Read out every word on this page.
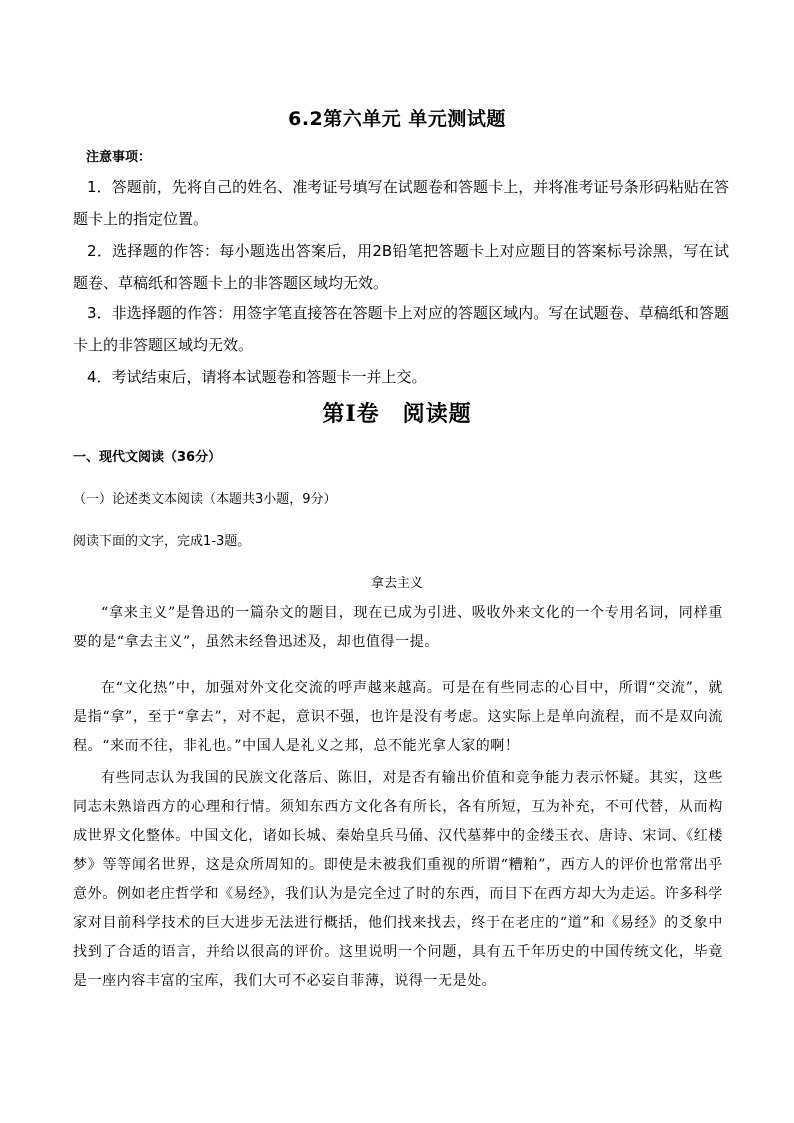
6.2第六单元 单元测试题
注意事项：
1．答题前，先将自己的姓名、准考证号填写在试题卷和答题卡上，并将准考证号条形码粘贴在答题卡上的指定位置。
2．选择题的作答：每小题选出答案后，用2B铅笔把答题卡上对应题目的答案标号涂黑，写在试题卷、草稿纸和答题卡上的非答题区域均无效。
3．非选择题的作答：用签字笔直接答在答题卡上对应的答题区域内。写在试题卷、草稿纸和答题卡上的非答题区域均无效。
4．考试结束后，请将本试题卷和答题卡一并上交。
第Ⅰ卷　阅读题
一、现代文阅读（36分）
（一）论述类文本阅读（本题共3小题，9分）
阅读下面的文字，完成1-3题。
拿去主义
“拿来主义”是鲁迅的一篇杂文的题目，现在已成为引进、吸收外来文化的一个专用名词，同样重要的是“拿去主义”，虽然未经鲁迅述及，却也值得一提。
在“文化热”中，加强对外文化交流的呼声越来越高。可是在有些同志的心目中，所谓“交流”，就是指“拿”，至于“拿去”，对不起，意识不强，也许是没有考虑。这实际上是单向流程，而不是双向流程。“来而不往，非礼也。”中国人是礼义之邦，总不能光拿人家的啊！
有些同志认为我国的民族文化落后、陈旧，对是否有输出价值和竞争能力表示怀疑。其实，这些同志未熟谙西方的心理和行情。须知东西方文化各有所长，各有所短，互为补充，不可代替，从而构成世界文化整体。中国文化，诸如长城、秦始皇兵马俑、汉代墓葬中的金缕玉衣、唐诗、宋词、《红楼梦》等等闻名世界，这是众所周知的。即使是未被我们重视的所谓“糟粕”，西方人的评价也常常出乎意外。例如老庄哲学和《易经》，我们认为是完全过了时的东西，而目下在西方却大为走运。许多科学家对目前科学技术的巨大进步无法进行概括，他们找来找去，终于在老庄的“道”和《易经》的爻象中找到了合适的语言，并给以很高的评价。这里说明一个问题，具有五千年历史的中国传统文化，毕竟是一座内容丰富的宝库，我们大可不必妄自菲薄，说得一无是处。
